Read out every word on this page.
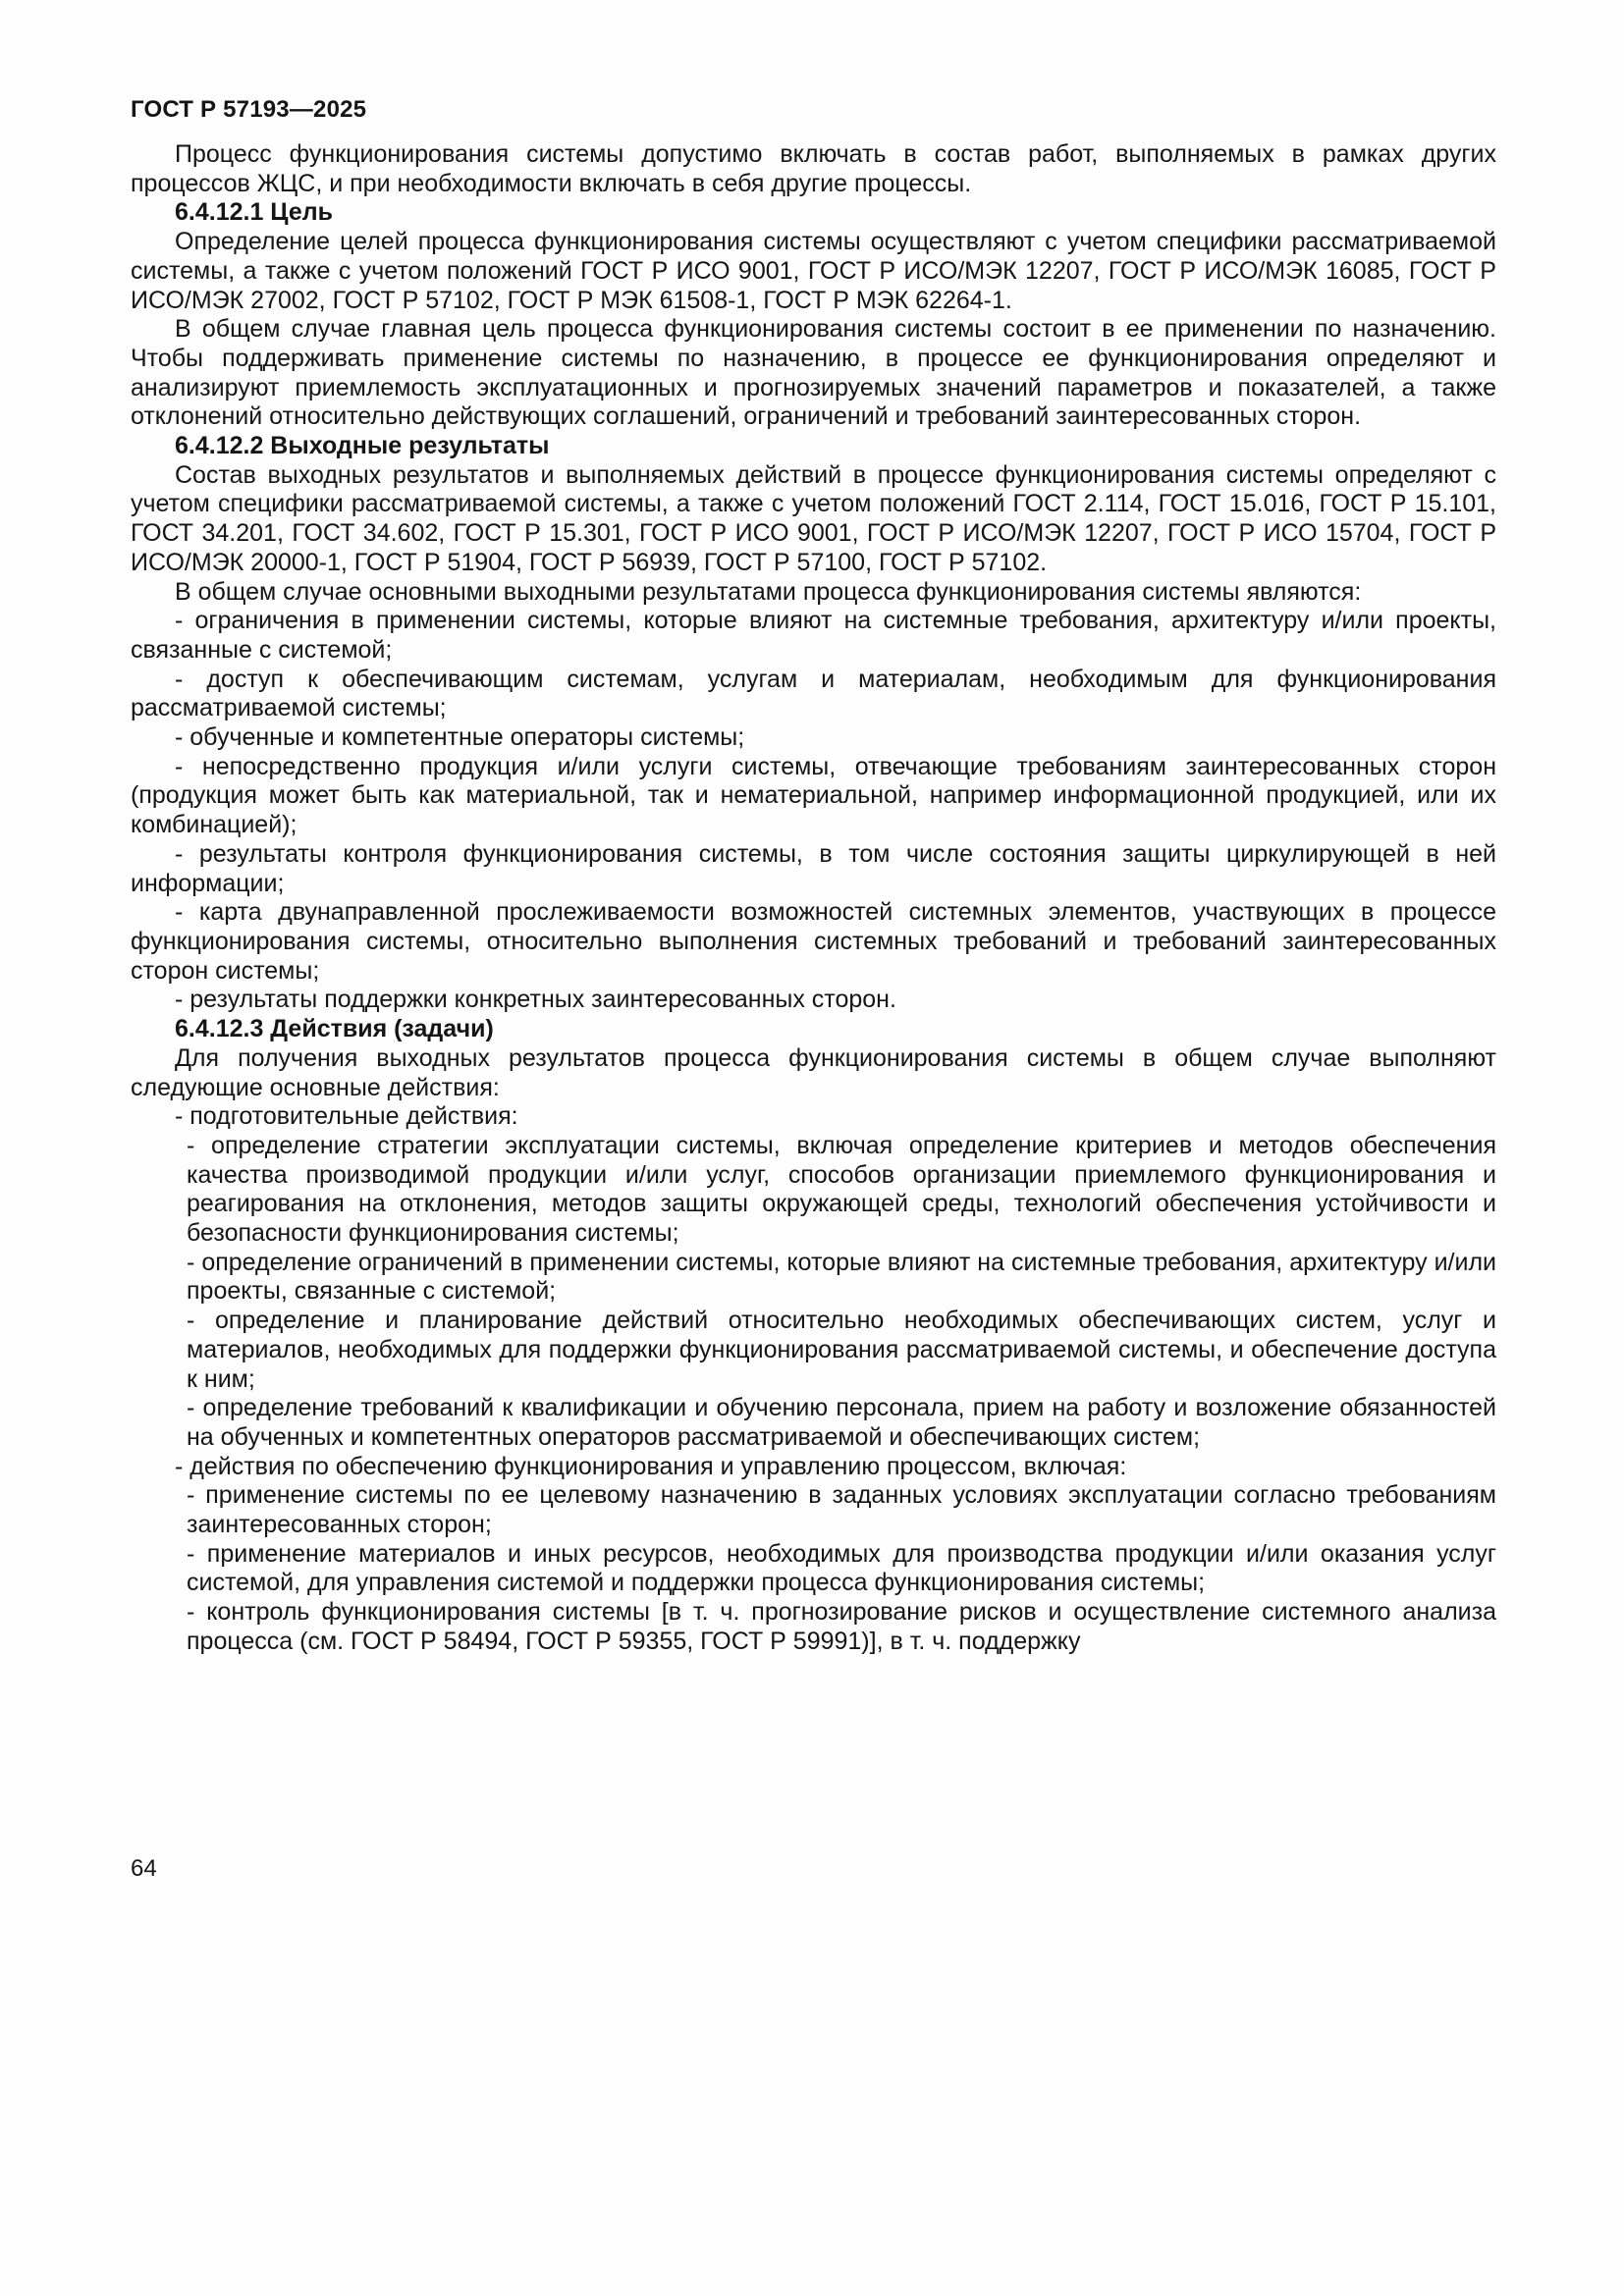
ГОСТ Р 57193—2025

Процесс функционирования системы допустимо включать в состав работ, выполняемых в рамках других процессов ЖЦС, и при необходимости включать в себя другие процессы.

6.4.12.1 Цель

Определение целей процесса функционирования системы осуществляют с учетом специфики рассматриваемой системы, а также с учетом положений ГОСТ Р ИСО 9001, ГОСТ Р ИСО/МЭК 12207, ГОСТ Р ИСО/МЭК 16085, ГОСТ Р ИСО/МЭК 27002, ГОСТ Р 57102, ГОСТ Р МЭК 61508-1, ГОСТ Р МЭК 62264-1.

В общем случае главная цель процесса функционирования системы состоит в ее применении по назначению. Чтобы поддерживать применение системы по назначению, в процессе ее функционирования определяют и анализируют приемлемость эксплуатационных и прогнозируемых значений параметров и показателей, а также отклонений относительно действующих соглашений, ограничений и требований заинтересованных сторон.

6.4.12.2 Выходные результаты

Состав выходных результатов и выполняемых действий в процессе функционирования системы определяют с учетом специфики рассматриваемой системы, а также с учетом положений ГОСТ 2.114, ГОСТ 15.016, ГОСТ Р 15.101, ГОСТ 34.201, ГОСТ 34.602, ГОСТ Р 15.301, ГОСТ Р ИСО 9001, ГОСТ Р ИСО/МЭК 12207, ГОСТ Р ИСО 15704, ГОСТ Р ИСО/МЭК 20000-1, ГОСТ Р 51904, ГОСТ Р 56939, ГОСТ Р 57100, ГОСТ Р 57102.

В общем случае основными выходными результатами процесса функционирования системы являются:

- ограничения в применении системы, которые влияют на системные требования, архитектуру и/или проекты, связанные с системой;

- доступ к обеспечивающим системам, услугам и материалам, необходимым для функционирования рассматриваемой системы;

- обученные и компетентные операторы системы;

- непосредственно продукция и/или услуги системы, отвечающие требованиям заинтересованных сторон (продукция может быть как материальной, так и нематериальной, например информационной продукцией, или их комбинацией);

- результаты контроля функционирования системы, в том числе состояния защиты циркулирующей в ней информации;

- карта двунаправленной прослеживаемости возможностей системных элементов, участвующих в процессе функционирования системы, относительно выполнения системных требований и требований заинтересованных сторон системы;

- результаты поддержки конкретных заинтересованных сторон.

6.4.12.3 Действия (задачи)

Для получения выходных результатов процесса функционирования системы в общем случае выполняют следующие основные действия:

- подготовительные действия:

- определение стратегии эксплуатации системы, включая определение критериев и методов обеспечения качества производимой продукции и/или услуг, способов организации приемлемого функционирования и реагирования на отклонения, методов защиты окружающей среды, технологий обеспечения устойчивости и безопасности функционирования системы;

- определение ограничений в применении системы, которые влияют на системные требования, архитектуру и/или проекты, связанные с системой;

- определение и планирование действий относительно необходимых обеспечивающих систем, услуг и материалов, необходимых для поддержки функционирования рассматриваемой системы, и обеспечение доступа к ним;

- определение требований к квалификации и обучению персонала, прием на работу и возложение обязанностей на обученных и компетентных операторов рассматриваемой и обеспечивающих систем;

- действия по обеспечению функционирования и управлению процессом, включая:

- применение системы по ее целевому назначению в заданных условиях эксплуатации согласно требованиям заинтересованных сторон;

- применение материалов и иных ресурсов, необходимых для производства продукции и/или оказания услуг системой, для управления системой и поддержки процесса функционирования системы;

- контроль функционирования системы [в т. ч. прогнозирование рисков и осуществление системного анализа процесса (см. ГОСТ Р 58494, ГОСТ Р 59355, ГОСТ Р 59991)], в т. ч. поддержку

64
